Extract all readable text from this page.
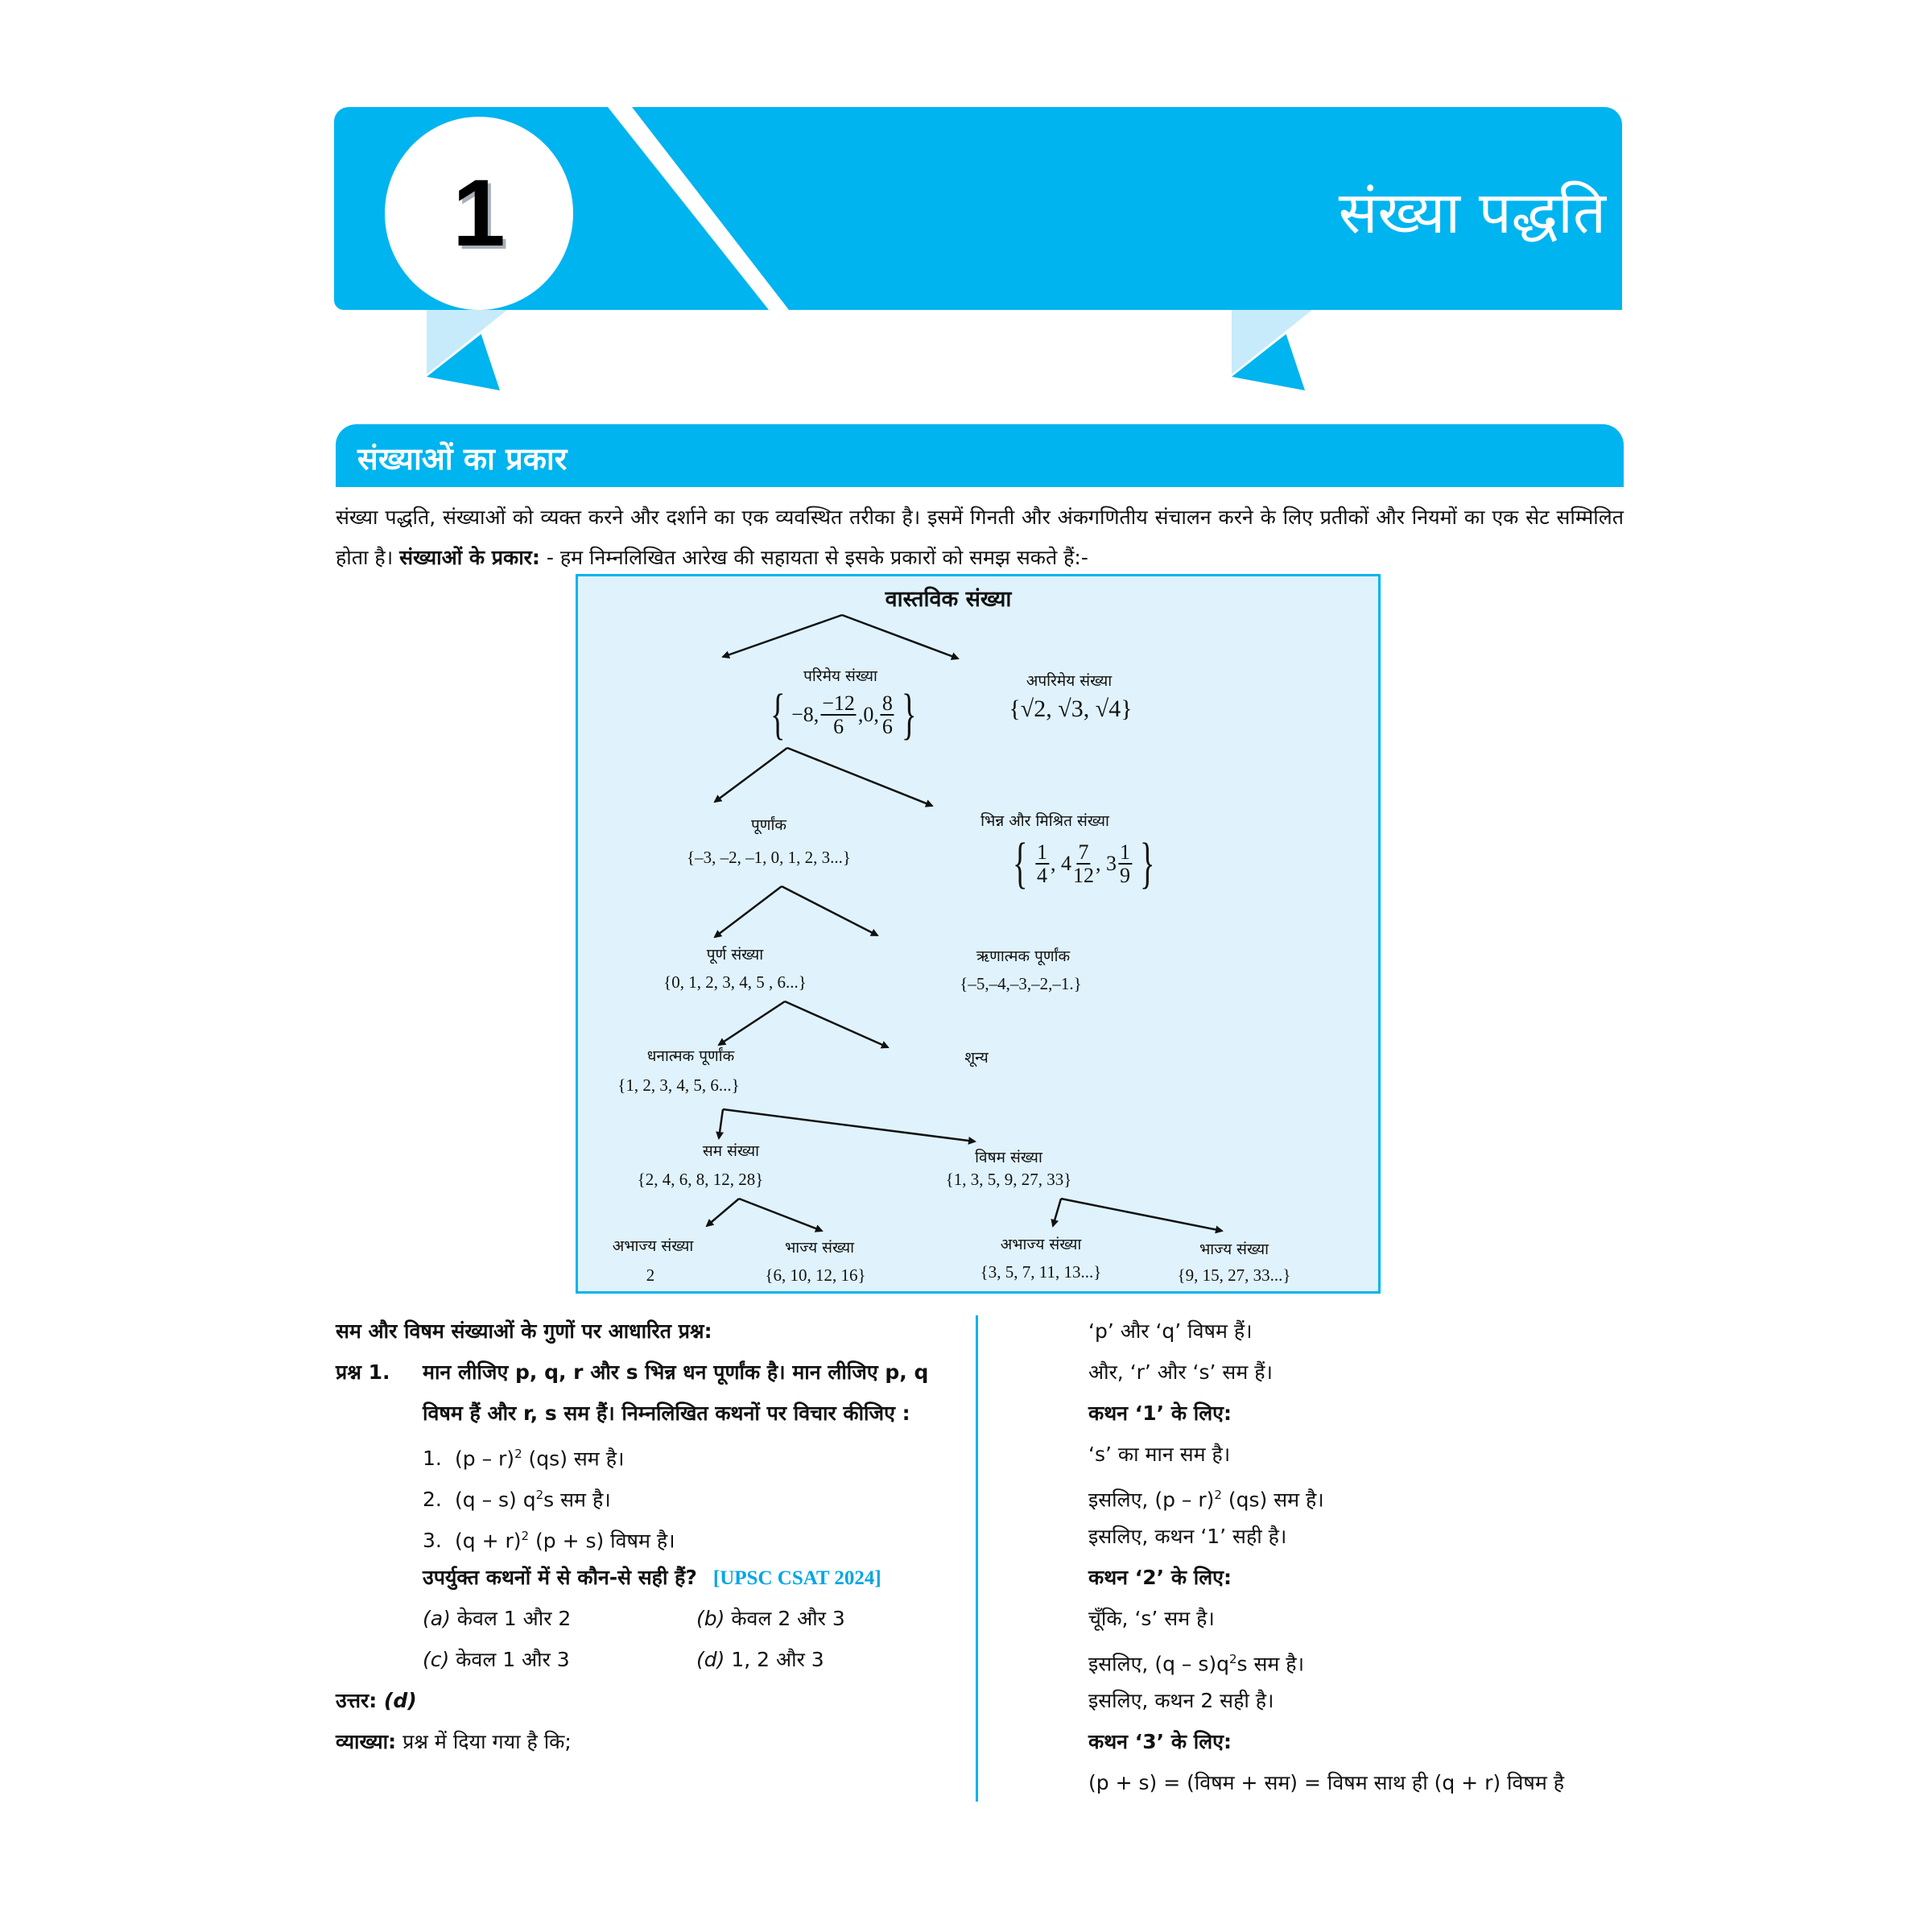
1	संख्या पद्धति
संख्याओं का प्रकार
संख्या पद्धति, संख्याओं को व्यक्त करने और दर्शाने का एक व्यवस्थित तरीका है। इसमें गिनती और अंकगणितीय संचालन करने के लिए प्रतीकों और नियमों का एक सेट सम्मिलित होता है। संख्याओं के प्रकार: - हम निम्नलिखित आरेख की सहायता से इसके प्रकारों को समझ सकते हैं:-
वास्तविक संख्या
परिमेय संख्या
{ −8, $\frac{-12}{6} ,0$, $\frac{8}{6}$ }
अपरिमेय संख्या
{√2, √3, √4}
पूर्णांक
{–3, –2, –1, 0, 1, 2, 3...}
भिन्न और मिश्रित संख्या
{ $\frac{1}{4}$ , $4 \frac{7}{12}$ , $3 \frac{1}{9}$ }
पूर्ण संख्या
{0, 1, 2, 3, 4, 5 , 6...}
ऋणात्मक पूर्णांक
{–5,–4,–3,–2,–1.}
धनात्मक पूर्णांक
{1, 2, 3, 4, 5, 6...}
शून्य
सम संख्या
{2, 4, 6, 8, 12, 28}
विषम संख्या
{1, 3, 5, 9, 27, 33}
अभाज्य संख्या
2
भाज्य संख्या
{6, 10, 12, 16}
अभाज्य संख्या
{3, 5, 7, 11, 13...}
भाज्य संख्या
{9, 15, 27, 33...}
सम और विषम संख्याओं के गुणों पर आधारित प्रश्न:
प्रश्न 1.	मान लीजिए p, q, r और s भिन्न धन पूर्णांक है। मान लीजिए p, q विषम हैं और r, s सम हैं। निम्नलिखित कथनों पर विचार कीजिए :
1. (p – r)$^2$ (qs) सम है।
2. (q – s) $q^2s$ सम है।
3. $(q + r)^2$ (p + s) विषम है।
उपर्युक्त कथनों में से कौन-से सही हैं? [UPSC CSAT 2024]
(a) केवल 1 और 2	(b) केवल 2 और 3
(c) केवल 1 और 3	(d) 1, 2 और 3
उत्तर: (d)
व्याख्या: प्रश्न में दिया गया है कि;
‘p’ और ‘q’ विषम हैं।
और, ‘r’ और ‘s’ सम हैं।
कथन ‘1’ के लिए:
‘s’ का मान सम है।
इसलिए, (p – r)$^2$ (qs) सम है।
इसलिए, कथन ‘1’ सही है।
कथन ‘2’ के लिए:
चूँकि, ‘s’ सम है।
इसलिए, $(q - s)q^2s$ सम है।
इसलिए, कथन 2 सही है।
कथन ‘3’ के लिए:
(p + s) = (विषम + सम) = विषम साथ ही (q + r) विषम है
